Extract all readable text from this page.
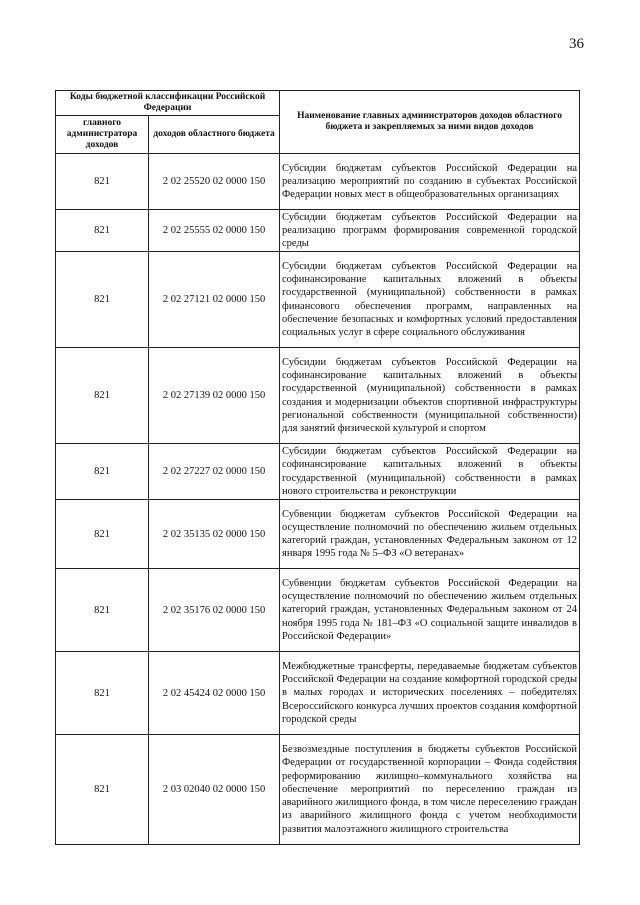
36
Коды бюджетной классификации Российской Федерации		Наименование главных администраторов доходов областного бюджета и закрепляемых за ними видов доходов
главного администратора доходов	доходов областного бюджета	
821	2 02 25520 02 0000 150	Субсидии бюджетам субъектов Российской Федерации на реализацию мероприятий по созданию в субъектах Российской Федерации новых мест в общеобразовательных организациях
821	2 02 25555 02 0000 150	Субсидии бюджетам субъектов Российской Федерации на реализацию программ формирования современной городской среды
821	2 02 27121 02 0000 150	Субсидии бюджетам субъектов Российской Федерации на софинансирование капитальных вложений в объекты государственной (муниципальной) собственности в рамках финансового обеспечения программ, направленных на обеспечение безопасных и комфортных условий предоставления социальных услуг в сфере социального обслуживания
821	2 02 27139 02 0000 150	Субсидии бюджетам субъектов Российской Федерации на софинансирование капитальных вложений в объекты государственной (муниципальной) собственности в рамках создания и модернизации объектов спортивной инфраструктуры региональной собственности (муниципальной собственности) для занятий физической культурой и спортом
821	2 02 27227 02 0000 150	Субсидии бюджетам субъектов Российской Федерации на софинансирование капитальных вложений в объекты государственной (муниципальной) собственности в рамках нового строительства и реконструкции
821	2 02 35135 02 0000 150	Субвенции бюджетам субъектов Российской Федерации на осуществление полномочий по обеспечению жильем отдельных категорий граждан, установленных Федеральным законом от 12 января 1995 года № 5–ФЗ «О ветеранах»
821	2 02 35176 02 0000 150	Субвенции бюджетам субъектов Российской Федерации на осуществление полномочий по обеспечению жильем отдельных категорий граждан, установленных Федеральным законом от 24 ноября 1995 года № 181–ФЗ «О социальной защите инвалидов в Российской Федерации»
821	2 02 45424 02 0000 150	Межбюджетные трансферты, передаваемые бюджетам субъектов Российской Федерации на создание комфортной городской среды в малых городах и исторических поселениях – победителях Всероссийского конкурса лучших проектов создания комфортной городской среды
821	2 03 02040 02 0000 150	Безвозмездные поступления в бюджеты субъектов Российской Федерации от государственной корпорации – Фонда содействия реформированию жилищно–коммунального хозяйства на обеспечение мероприятий по переселению граждан из аварийного жилищного фонда, в том числе переселению граждан из аварийного жилищного фонда с учетом необходимости развития малоэтажного жилищного строительства
